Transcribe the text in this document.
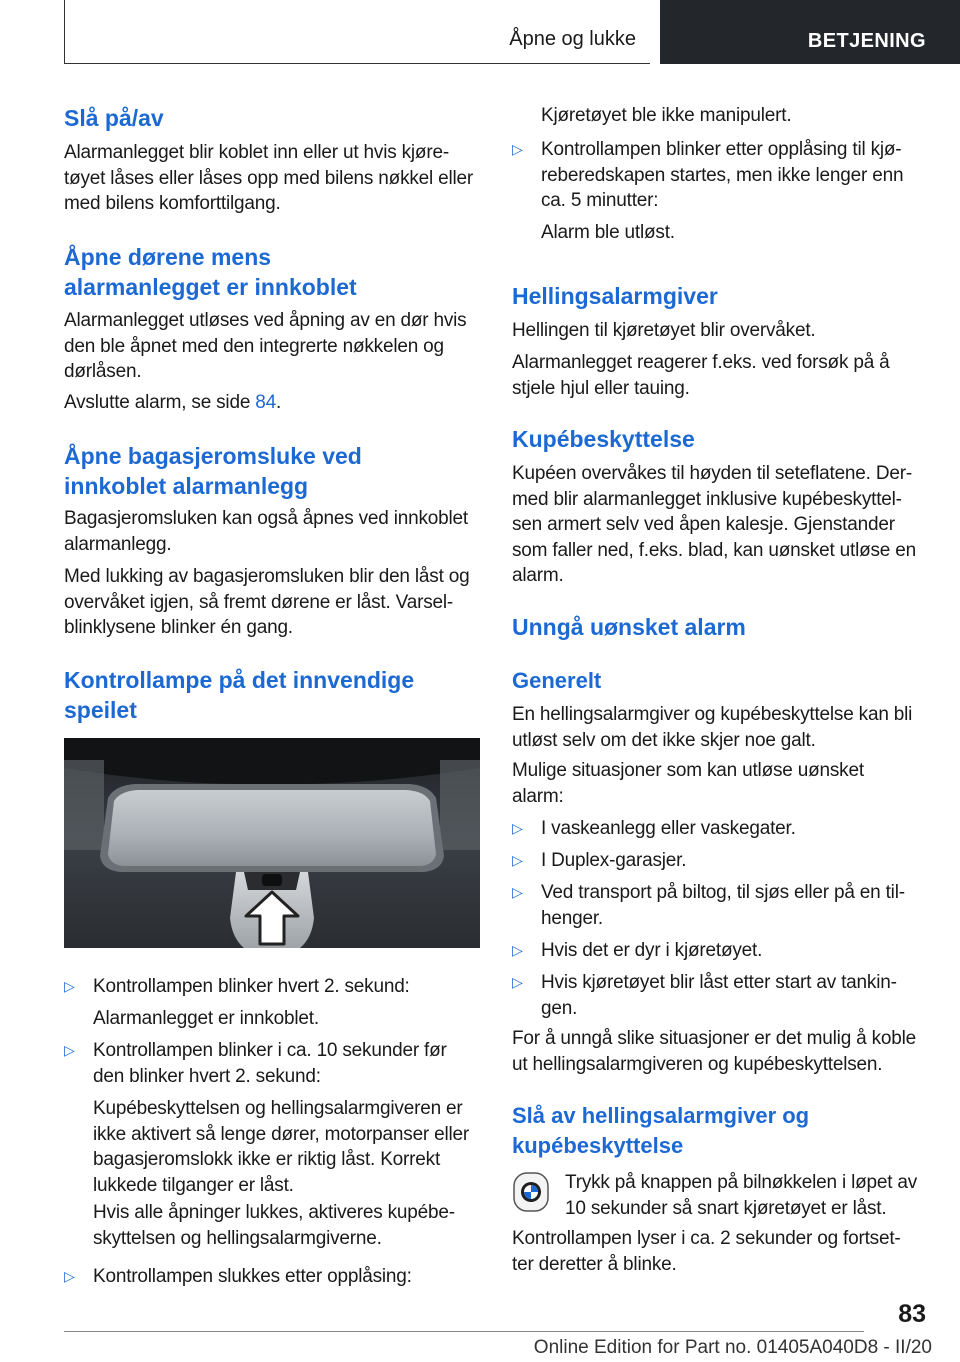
Åpne og lukke	BETJENING
Slå på/av

Alarmanlegget blir koblet inn eller ut hvis kjøre-
tøyet låses eller låses opp med bilens nøkkel eller
med bilens komforttilgang.

Åpne dørene mens
alarmanlegget er innkoblet

Alarmanlegget utløses ved åpning av en dør hvis
den ble åpnet med den integrerte nøkkelen og
dørlåsen.

Avslutte alarm, se side 84.

Åpne bagasjeromsluke ved
innkoblet alarmanlegg

Bagasjeromsluken kan også åpnes ved innkoblet
alarmanlegg.

Med lukking av bagasjeromsluken blir den låst og
overvåket igjen, så fremt dørene er låst. Varsel-
blinklysene blinker én gang.

Kontrollampe på det innvendige
speilet
▷ Kontrollampen blinker hvert 2. sekund:
Alarmanlegget er innkoblet.
▷ Kontrollampen blinker i ca. 10 sekunder før
den blinker hvert 2. sekund:
Kupébeskyttelsen og hellingsalarmgiveren er
ikke aktivert så lenge dører, motorpanser eller
bagasjeromslokk ikke er riktig låst. Korrekt
lukkede tilganger er låst.
Hvis alle åpninger lukkes, aktiveres kupébe-
skyttelsen og hellingsalarmgiverne.
▷ Kontrollampen slukkes etter opplåsing:
Kjøretøyet ble ikke manipulert.
▷ Kontrollampen blinker etter opplåsing til kjø-
reberedskapen startes, men ikke lenger enn
ca. 5 minutter:
Alarm ble utløst.
Hellingsalarmgiver

Hellingen til kjøretøyet blir overvåket.

Alarmanlegget reagerer f.eks. ved forsøk på å
stjele hjul eller tauing.

Kupébeskyttelse

Kupéen overvåkes til høyden til seteflatene. Der-
med blir alarmanlegget inklusive kupébeskyttel-
sen armert selv ved åpen kalesje. Gjenstander
som faller ned, f.eks. blad, kan uønsket utløse en
alarm.

Unngå uønsket alarm
Generelt

En hellingsalarmgiver og kupébeskyttelse kan bli
utløst selv om det ikke skjer noe galt.

Mulige situasjoner som kan utløse uønsket
alarm:

▷ I vaskeanlegg eller vaskegater.
▷ I Duplex-garasjer.
▷ Ved transport på biltog, til sjøs eller på en til-
henger.
▷ Hvis det er dyr i kjøretøyet.
▷ Hvis kjøretøyet blir låst etter start av tankin-
gen.

For å unngå slike situasjoner er det mulig å koble
ut hellingsalarmgiveren og kupébeskyttelsen.

Slå av hellingsalarmgiver og
kupébeskyttelse

Trykk på knappen på bilnøkkelen i løpet av
10 sekunder så snart kjøretøyet er låst.

Kontrollampen lyser i ca. 2 sekunder og fortset-
ter deretter å blinke.

83
Online Edition for Part no. 01405A040D8 - II/20
